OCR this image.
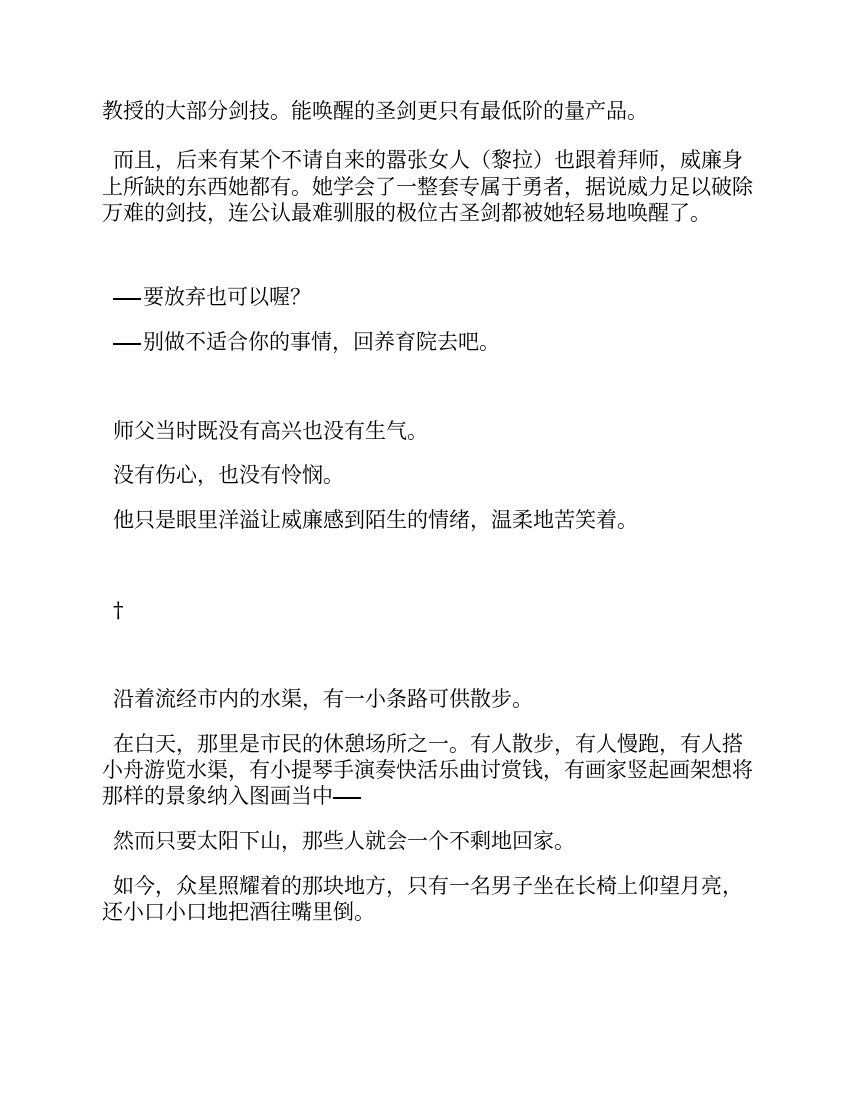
教授的大部分剑技。能唤醒的圣剑更只有最低阶的量产品。
而且，后来有某个不请自来的嚣张女人（黎拉）也跟着拜师，威廉身
上所缺的东西她都有。她学会了一整套专属于勇者，据说威力足以破除
万难的剑技，连公认最难驯服的极位古圣剑都被她轻易地唤醒了。
要放弃也可以喔？
别做不适合你的事情，回养育院去吧。
师父当时既没有高兴也没有生气。
没有伤心，也没有怜悯。
他只是眼里洋溢让威廉感到陌生的情绪，温柔地苦笑着。
†
沿着流经市内的水渠，有一小条路可供散步。
在白天，那里是市民的休憩场所之一。有人散步，有人慢跑，有人搭
小舟游览水渠，有小提琴手演奏快活乐曲讨赏钱，有画家竖起画架想将
那样的景象纳入图画当中
然而只要太阳下山，那些人就会一个不剩地回家。
如今，众星照耀着的那块地方，只有一名男子坐在长椅上仰望月亮，
还小口小口地把酒往嘴里倒。
